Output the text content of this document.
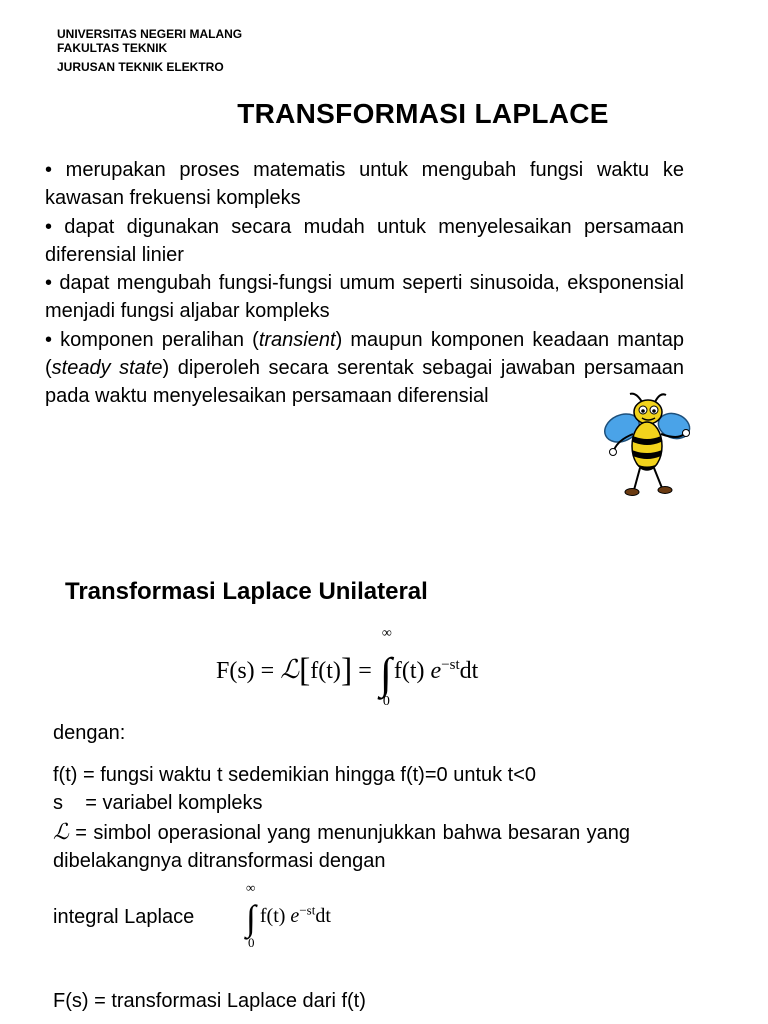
UNIVERSITAS NEGERI MALANG
FAKULTAS TEKNIK
JURUSAN TEKNIK ELEKTRO
TRANSFORMASI LAPLACE

• merupakan proses matematis untuk mengubah fungsi waktu ke kawasan frekuensi kompleks

• dapat digunakan secara mudah untuk menyelesaikan persamaan diferensial linier

• dapat mengubah fungsi-fungsi umum seperti sinusoida, eksponensial menjadi fungsi aljabar kompleks

• komponen peralihan (transient) maupun komponen keadaan mantap (steady state) diperoleh secara serentak sebagai jawaban persamaan pada waktu menyelesaikan persamaan diferensial

Transformasi Laplace Unilateral
F(s) = ℒ[f(t)] = ∫
∞
0
f(t) $e^{-st}dt$
dengan:
f(t) = fungsi waktu t sedemikian hingga f(t)=0 untuk t<0
s    = variabel kompleks
ℒ = simbol operasional yang menunjukkan bahwa besaran yang dibelakangnya ditransformasi dengan
integral Laplace ∫
∞
0
f(t) $e^{-st}dt$
F(s) = transformasi Laplace dari f(t)
